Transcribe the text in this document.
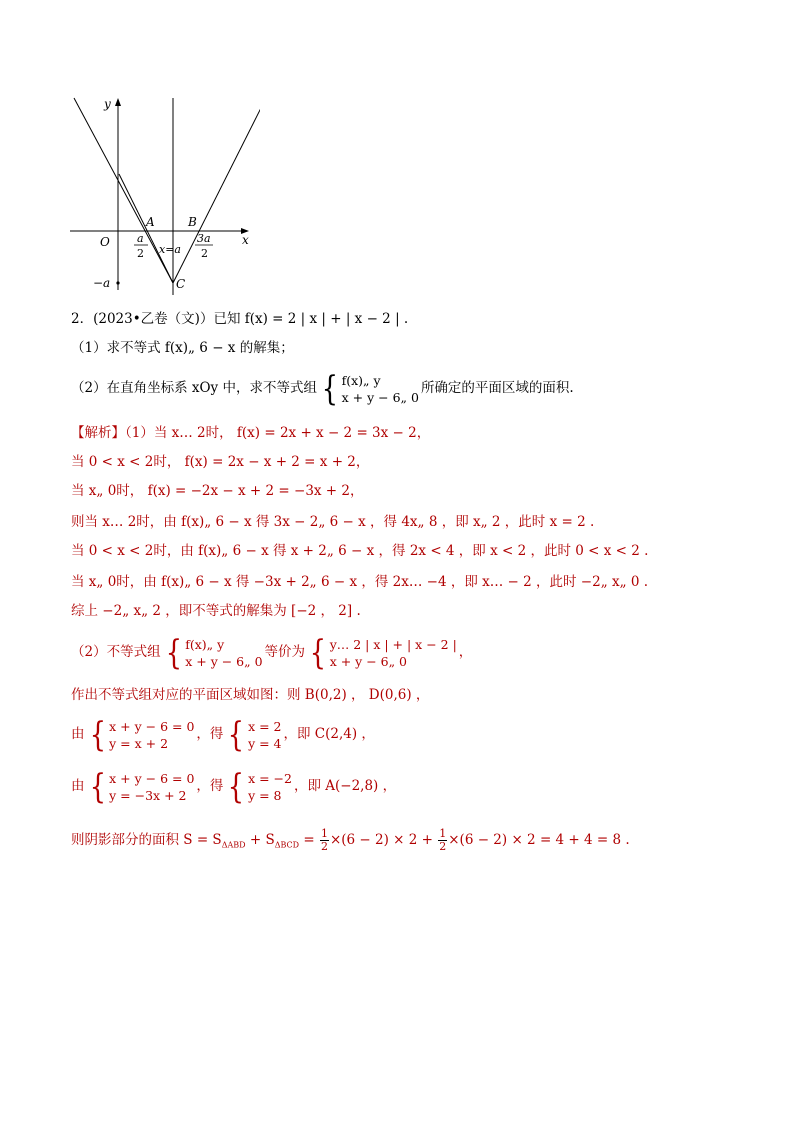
y
x
O
A	B
C
a
2 x=a
3a
2
−a
2．(2023•乙卷（文)）已知 f(x) = 2 | x | + | x − 2 | .
（1）求不等式 f(x)„ 6 − x 的解集；
（2）在直角坐标系 xOy 中，求不等式组 { f(x)„ y
x + y − 6„ 0
所确定的平面区域的面积.
【解析】（1）当 x… 2时， f(x) = 2x + x − 2 = 3x − 2，
当 0 < x < 2时， f(x) = 2x − x + 2 = x + 2，
当 x„ 0时， f(x) = −2x − x + 2 = −3x + 2，
则当 x… 2时，由 f(x)„ 6 − x 得 3x − 2„ 6 − x ，得 4x„ 8 ，即 x„ 2 ，此时 x = 2 .
当 0 < x < 2时，由 f(x)„ 6 − x 得 x + 2„ 6 − x ，得 2x < 4 ，即 x < 2 ，此时 0 < x < 2 .
当 x„ 0时，由 f(x)„ 6 − x 得 −3x + 2„ 6 − x ，得 2x… −4 ，即 x… − 2 ，此时 −2„ x„ 0 .
综上 −2„ x„ 2 ，即不等式的解集为 [−2 ， 2] .
（2）不等式组 { f(x)„ y
x + y − 6„ 0
等价为 { y… 2 | x | + | x − 2 |
x + y − 6„ 0
，
作出不等式组对应的平面区域如图：则 B(0,2) ， D(0,6) ，
由 { x + y − 6 = 0
y = x + 2
，得 { x = 2
y = 4
，即 C(2,4) ，
由 { x + y − 6 = 0
y = −3x + 2
，得 { x = −2
y = 8
，即 A(−2,8) ，
则阴影部分的面积 $S = S_{\Delta ABD} + S_{\Delta BCD} = \frac{1}{2} \times(6 - 2) \times 2 + \frac{1}{2} \times(6 - 2) \times 2 = 4 + 4 = 8$ .
